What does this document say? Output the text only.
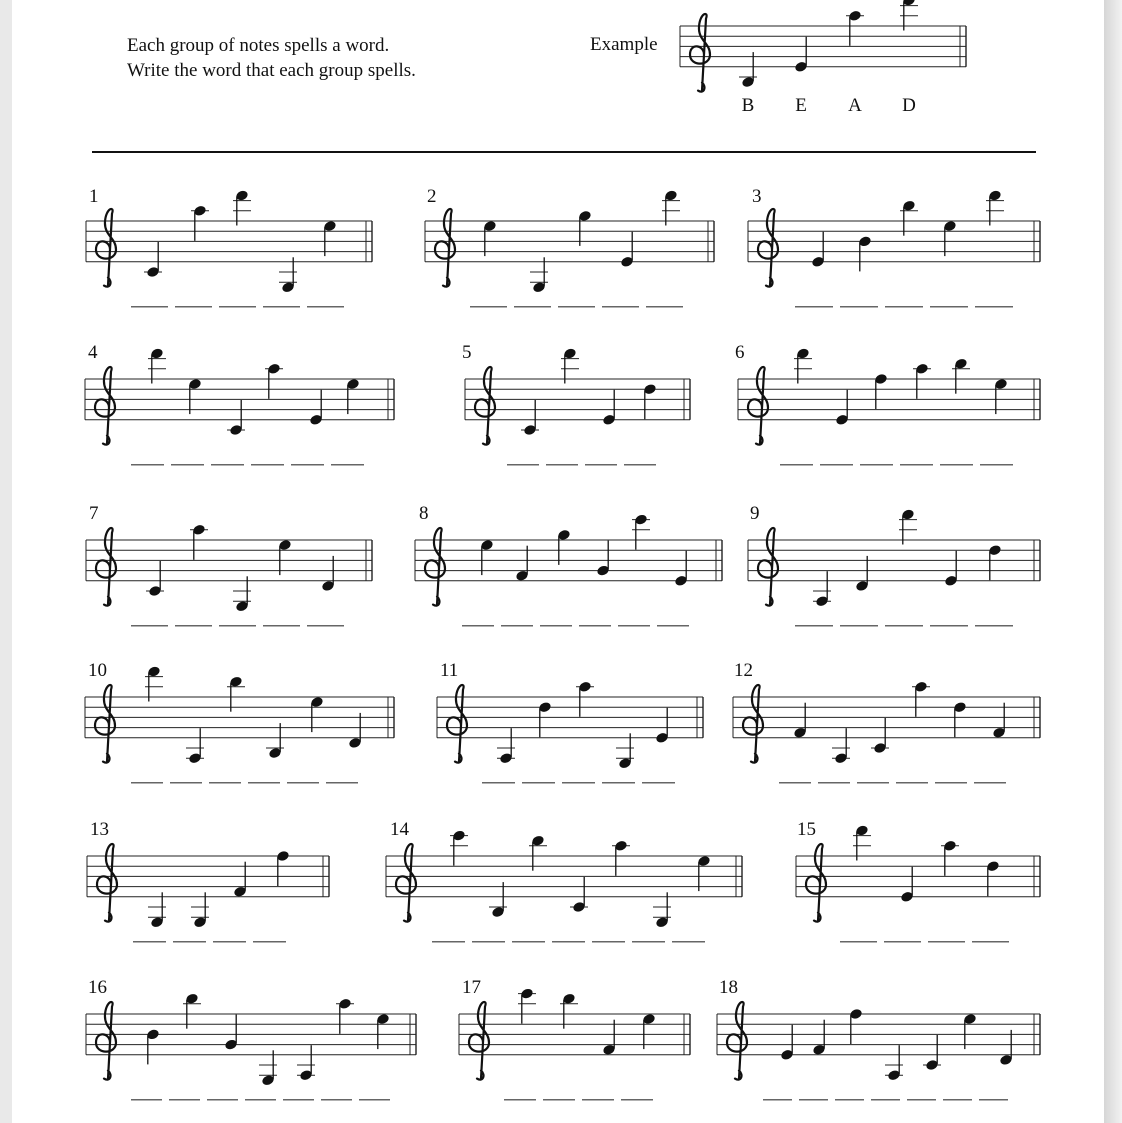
Each group of notes spells a word.
Write the word that each group spells.
Example
B E A D
1	2	3
4	5	6
7	8	9
10	11	12
13	14	15
16	17	18
